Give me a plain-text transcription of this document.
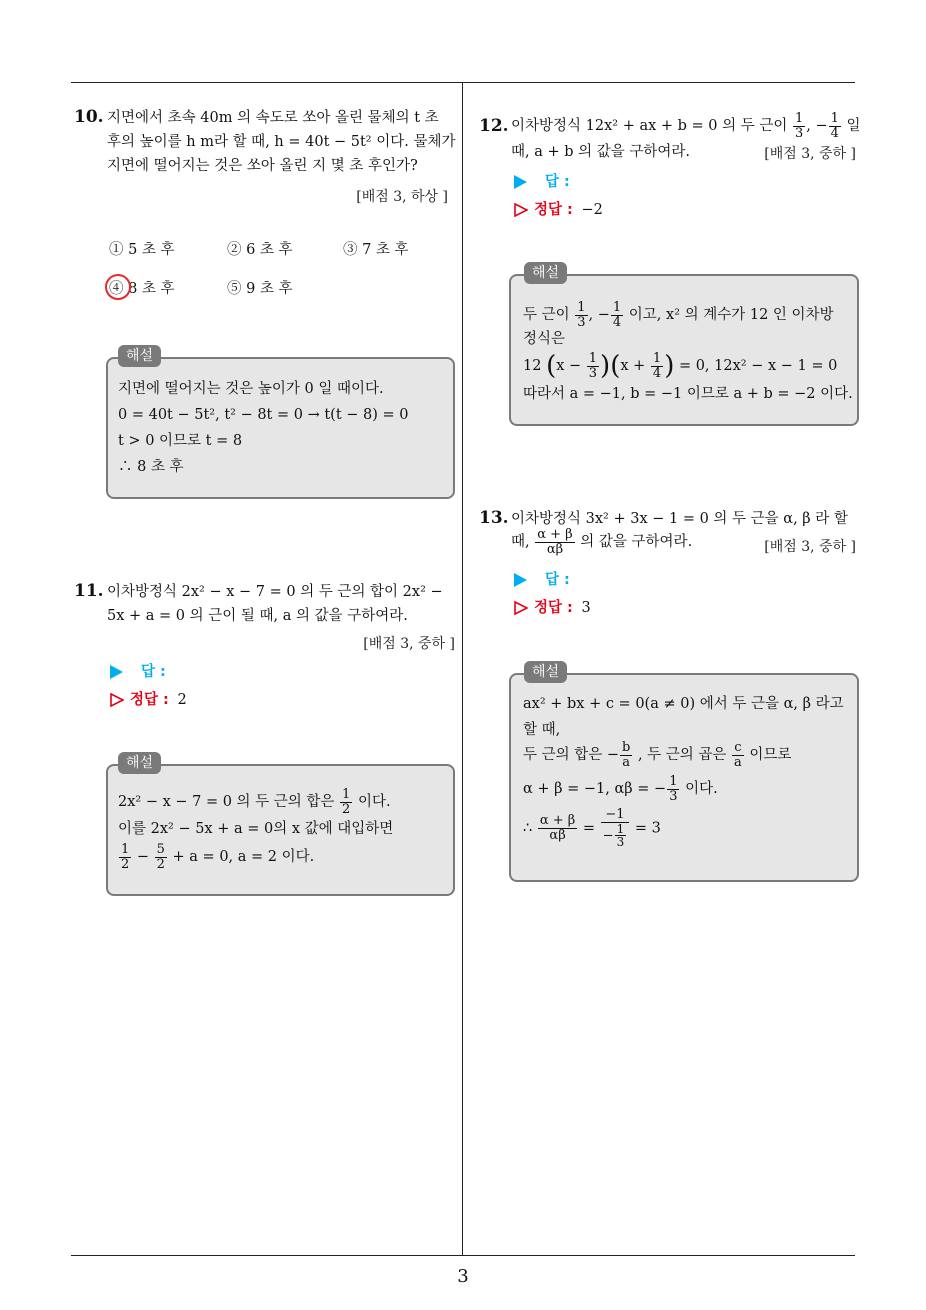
10. 지면에서 초속 40m 의 속도로 쏘아 올린 물체의 t 초
후의 높이를 h m라 할 때, h = 40t − 5t² 이다. 물체가
지면에 떨어지는 것은 쏘아 올린 지 몇 초 후인가?
[배점 3, 하상 ]
① 5 초 후	② 6 초 후	③ 7 초 후
④ 8 초 후	⑤ 9 초 후
해설
지면에 떨어지는 것은 높이가 0 일 때이다.
0 = 40t − 5t², t² − 8t = 0 → t(t − 8) = 0
t > 0 이므로 t = 8
∴ 8 초 후
11. 이차방정식 2x² − x − 7 = 0 의 두 근의 합이 2x² −
5x + a = 0 의 근이 될 때, a 의 값을 구하여라.
[배점 3, 중하 ]
답 :
정답 : 2
해설
2x² − x − 7 = 0 의 두 근의 합은 $\frac{1}{2}$ 이다.
이를 2x² − 5x + a = 0의 x 값에 대입하면
$\frac{1}{2} - \frac{5}{2} + a = 0$, a = 2 이다.
12. 이차방정식 12x² + ax + b = 0 의 두 근이 $\frac{1}{3}$ , − $\frac{1}{4}$ 일
때, a + b 의 값을 구하여라.	[배점 3, 중하 ]
답 :
정답 : −2
해설
두 근이 $\frac{1}{3}$ , − $\frac{1}{4}$ 이고, x² 의 계수가 12 인 이차방
정식은
12 $(x - \frac{1}{3} )(x + \frac{1}{4}$ ) = 0, 12x² − x − 1 = 0
따라서 a = −1, b = −1 이므로 a + b = −2 이다.
13. 이차방정식 3x² + 3x − 1 = 0 의 두 근을 α, β 라 할
때, $\frac{\alpha + \beta}{\alpha\beta}$ 의 값을 구하여라.	[배점 3, 중하 ]
답 :
정답 : 3
해설
ax² + bx + c = 0(a ≠ 0) 에서 두 근을 α, β 라고
할 때,
두 근의 합은 − $\frac{b}{a}$ , 두 근의 곱은 $\frac{c}{a}$ 이므로
α + β = −1, αβ = − $\frac{1}{3}$ 이다.
∴ $\frac{\alpha + \beta}{\alpha\beta} = \frac{-1}{- \frac{1}{3}} = 3$
3
